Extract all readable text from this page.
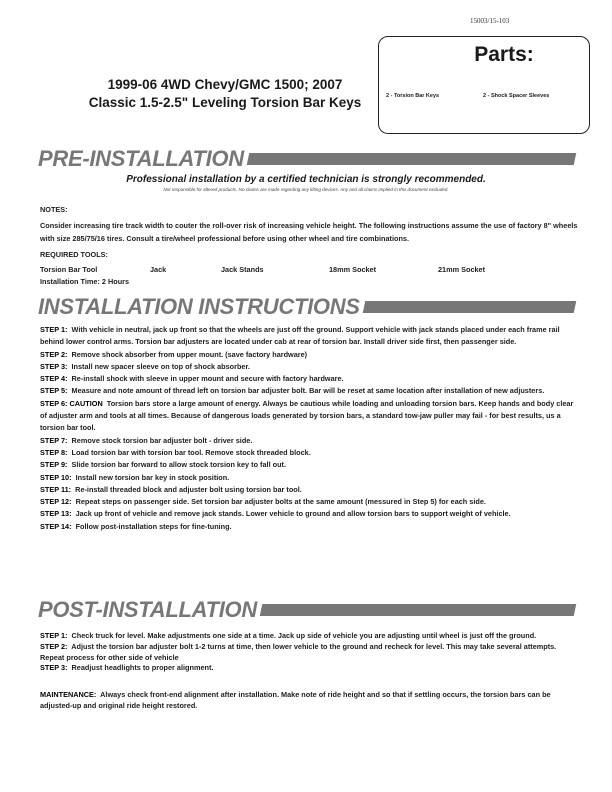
15003/15-103
Parts:
2 - Torsion Bar Keys	2 - Shock Spacer Sleeves
1999-06 4WD Chevy/GMC 1500; 2007
Classic 1.5-2.5" Leveling Torsion Bar Keys
PRE-INSTALLATION
Professional installation by a certified technician is strongly recommended.
Not responsible for altered products. No claims are made regarding any lifting devices. Any and all claims implied in this document excluded.
NOTES:
Consider increasing tire track width to couter the roll-over risk of increasing vehicle height. The following instructions assume the use of factory 8" wheels with size 285/75/16 tires. Consult a tire/wheel professional before using other wheel and tire combinations.
REQUIRED TOOLS:
Torsion Bar Tool	Jack	Jack Stands	18mm Socket	21mm Socket
Installation Time: 2 Hours
INSTALLATION INSTRUCTIONS
STEP 1: With vehicle in neutral, jack up front so that the wheels are just off the ground. Support vehicle with jack stands placed under each frame rail behind lower control arms. Torsion bar adjusters are located under cab at rear of torsion bar. Install driver side first, then passenger side.
STEP 2: Remove shock absorber from upper mount. (save factory hardware)
STEP 3: Install new spacer sleeve on top of shock absorber.
STEP 4: Re-install shock with sleeve in upper mount and secure with factory hardware.
STEP 5: Measure and note amount of thread left on torsion bar adjuster bolt. Bar will be reset at same location after installation of new adjusters.
STEP 6: CAUTION Torsion bars store a large amount of energy. Always be cautious while loading and unloading torsion bars. Keep hands and body clear of adjuster arm and tools at all times. Because of dangerous loads generated by torsion bars, a standard tow-jaw puller may fail - for best results, us a torsion bar tool.
STEP 7: Remove stock torsion bar adjuster bolt - driver side.
STEP 8: Load torsion bar with torsion bar tool. Remove stock threaded block.
STEP 9: Slide torsion bar forward to allow stock torsion key to fall out.
STEP 10: Install new torsion bar key in stock position.
STEP 11: Re-install threaded block and adjuster bolt using torsion bar tool.
STEP 12: Repeat steps on passenger side. Set torsion bar adjuster bolts at the same amount (messured in Step 5) for each side.
STEP 13: Jack up front of vehicle and remove jack stands. Lower vehicle to ground and allow torsion bars to support weight of vehicle.
STEP 14: Follow post-installation steps for fine-tuning.
POST-INSTALLATION
STEP 1: Check truck for level. Make adjustments one side at a time. Jack up side of vehicle you are adjusting until wheel is just off the ground.
STEP 2: Adjust the torsion bar adjuster bolt 1-2 turns at time, then lower vehicle to the ground and recheck for level. This may take several attempts. Repeat process for other side of vehicle
STEP 3: Readjust headlights to proper alignment.
MAINTENANCE: Always check front-end alignment after installation. Make note of ride height and so that if settling occurs, the torsion bars can be adjusted-up and original ride height restored.
